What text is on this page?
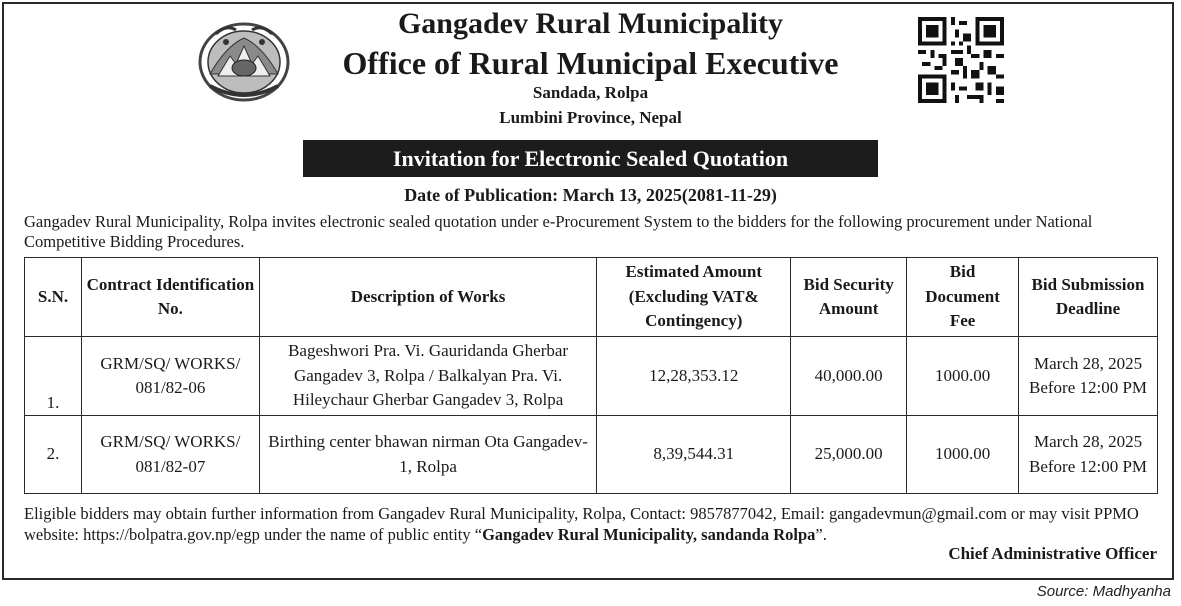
Gangadev Rural Municipality
Office of Rural Municipal Executive
Sandada, Rolpa
Lumbini Province, Nepal
Invitation for Electronic Sealed Quotation
Date of Publication: March 13, 2025(2081-11-29)
Gangadev Rural Municipality, Rolpa invites electronic sealed quotation under e-Procurement System to the bidders for the following procurement under National Competitive Bidding Procedures.
S.N.	Contract Identification No.	Description of Works	Estimated Amount (Excluding VAT& Contingency)	Bid Security Amount	Bid Document Fee	Bid Submission Deadline
1.	GRM/SQ/ WORKS/ 081/82-06	Bageshwori Pra. Vi. Gauridanda Gherbar Gangadev 3, Rolpa / Balkalyan Pra. Vi. Hileychaur Gherbar Gangadev 3, Rolpa	12,28,353.12	40,000.00	1000.00	March 28, 2025 Before 12:00 PM
2.	GRM/SQ/ WORKS/ 081/82-07	Birthing center bhawan nirman Ota Gangadev-1, Rolpa	8,39,544.31	25,000.00	1000.00	March 28, 2025 Before 12:00 PM
Eligible bidders may obtain further information from Gangadev Rural Municipality, Rolpa, Contact: 9857877042, Email: gangadevmun@gmail.com or may visit PPMO website: https://bolpatra.gov.np/egp under the name of public entity “Gangadev Rural Municipality, sandanda Rolpa”.
Chief Administrative Officer
Source: Madhyanha
